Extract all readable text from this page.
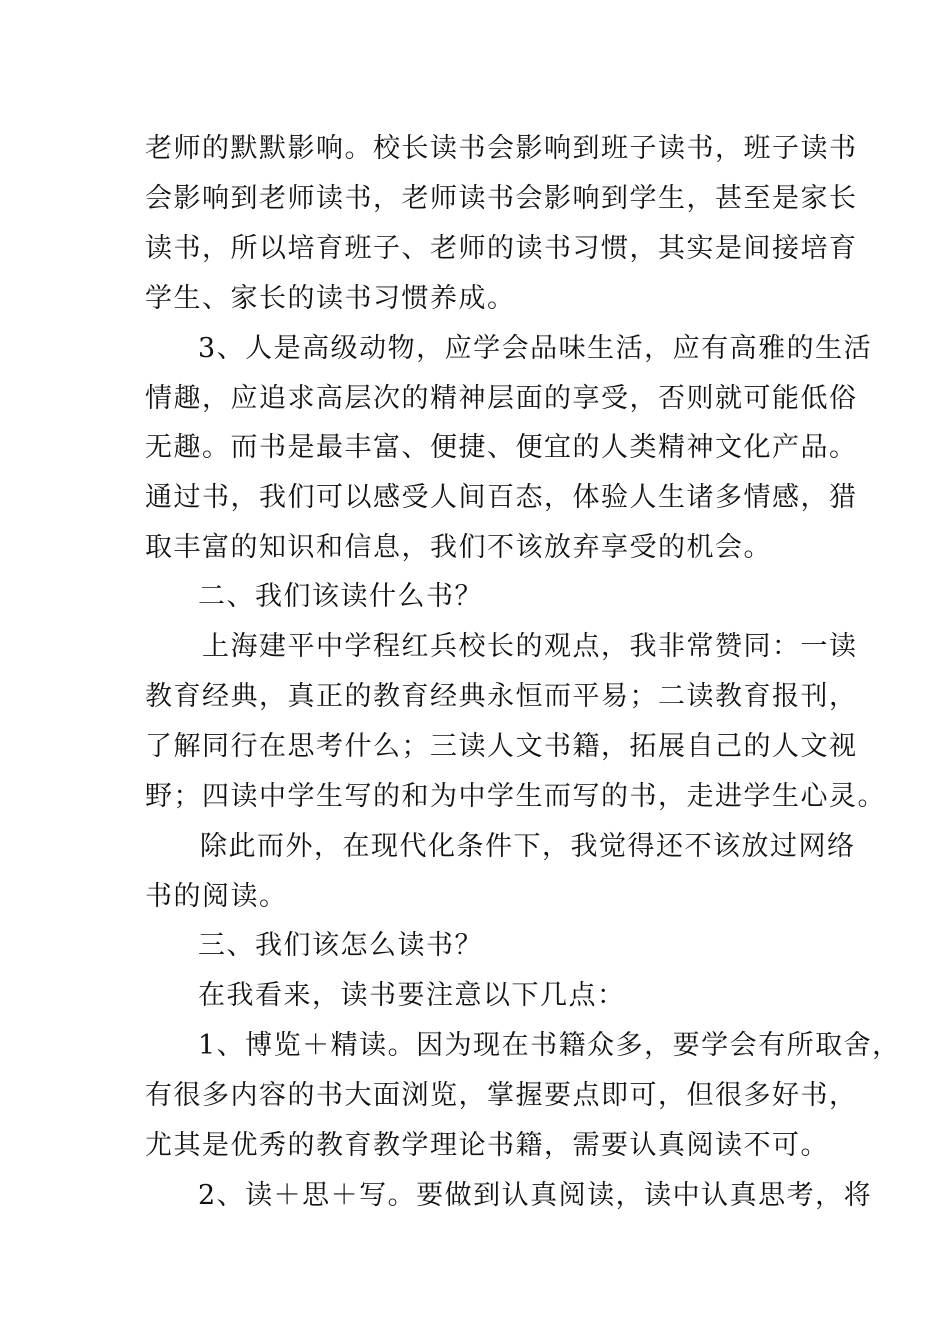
老师的默默影响。校长读书会影响到班子读书，班子读书
会影响到老师读书，老师读书会影响到学生，甚至是家长
读书，所以培育班子、老师的读书习惯，其实是间接培育
学生、家长的读书习惯养成。
3、人是高级动物，应学会品味生活，应有高雅的生活
情趣，应追求高层次的精神层面的享受，否则就可能低俗
无趣。而书是最丰富、便捷、便宜的人类精神文化产品。
通过书，我们可以感受人间百态，体验人生诸多情感，猎
取丰富的知识和信息，我们不该放弃享受的机会。
二、我们该读什么书？
上海建平中学程红兵校长的观点，我非常赞同：一读
教育经典，真正的教育经典永恒而平易；二读教育报刊，
了解同行在思考什么；三读人文书籍，拓展自己的人文视
野；四读中学生写的和为中学生而写的书，走进学生心灵。
除此而外，在现代化条件下，我觉得还不该放过网络
书的阅读。
三、我们该怎么读书？
在我看来，读书要注意以下几点：
1、博览＋精读。因为现在书籍众多，要学会有所取舍，
有很多内容的书大面浏览，掌握要点即可，但很多好书，
尤其是优秀的教育教学理论书籍，需要认真阅读不可。
2、读＋思＋写。要做到认真阅读，读中认真思考，将
